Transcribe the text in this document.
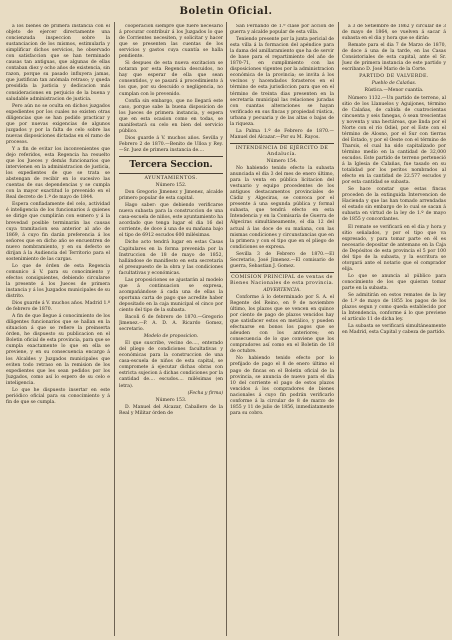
Boletin Oficial.

á los bienes de primera instancia con el objeto de ejercer directamente una concienzuda inspeccion sobre la sustanciacion de los mismos, estimularla y simplificar dichos servicios, he observado con satisfaccion que se han terminado causas tan antiguas, que algunas de ellas contaban diez y ocho años de existencia, sin razon, porque su pasado influyera jamas, que justifican tan anómala retraso; y queda presidida la justicia y dedicacion más consideraciones en perjuicio de la buena y saludable administracion de justicia.

Pero aún no se oculta en dichos juzgados expedientes por los cuales no existen otras diligencias que se han podido practicar y que por nuevas exigencias de algunos juzgados y por la falta de celo sobre las nuevas disposiciones dictadas en el ramo de procesos.

Y a fin de evitar los inconvenientes que dejo referidos, esta Regencia ha resuelto que los Jueces y demás funcionarios que intervienen en la administracion de justicia, los expedientes de que se trata se abstengan de recibir en lo sucesivo las cuentas de sus dependencias y se cumpla con la mayor exactitud lo prevenido en el Real decreto de 1.º de mayo de 1844.

Espera confiadamente del celo, actividad é inteligencia de los funcionarios á quienes se dirige que cumplirán con esmero y á la brevedad posible terminarán las causas cuya tramitacion sea anterior al año de 1869, á cuyo fin darán preferencia á los señores que en dicho año se encuentren de nuevo nombramiento, y en su defecto se dirijan á la Audiencia del Territorio para el sostenimiento de las cargas.

Lo que de órden de esta Regencia comunico á V. para su conocimiento y efectos consiguientes, debiendo circularse la presente á los Jueces de primera instancia y á los Juzgados municipales de su distrito.

Dios guarde á V. muchos años. Madrid 1.º de febrero de 1870.

A fin de que llegue á conocimiento de los diligentes funcionarios que se hallan en la situacion á que se refiere la preinserta órden, he dispuesto su publicacion en el Boletin oficial de esta provincia, para que se cumpla exactamente lo que en ella se previene, y en su consecuencia encargo á los Alcaldes y Juzgados municipales que eviten todo retraso en la remision de los expedientes que les sean pedidos por los Juzgados, como así lo espero de su celo e inteligencia.

Lo que he dispuesto insertar en este periódico oficial para su conocimiento y á fin de que se cumpla.

cooperacion siempre que fuere necesario á procurar contribuir á los Juzgados lo que de Corrientes necesiten, y solicitar y hacer que se presenten las cuentas de los servicios y gastos cuya cuantía se halla pendiente.

Si despues de esta nueva excitacion se notaran por esta Regencia descuidos, no hay que esperar de ella que sean consentidos, y se pasará á procedimiento á los que, por su descuido o negligencia, no cumplan con lo prevenido.

Confía sin embargo, que no llegará este caso, porque sabe la buena disposicion de los Jueces de primera instancia, y espera que en esta ocasion como en todas, se manifestará su celo en bien del servicio público.

Dios guarde á V. muchos años. Sevilla y Febrero 2 de 1870.—Benito de Ulloa y Rey.—Sr. Juez de primera instancia de....

Tercera Seccion.

AYUNTAMIENTOS.

Número 152.

Don Gregorio Jimenez y Jimenez, alcalde primero popular de esta capital.

Hago saber: que debiendo verificarse nueva subasta para la construccion de una casa-escuela de niños, este ayuntamiento ha acordado que tenga lugar el dia 16 del corriente, de doce á una de su mañana bajo el tipo de 6912 escudos 600 milésimas.

Dicho acto tendrá lugar en estas Casas Capitulares en la forma prevenida por la Instruccion de 18 de mayo de 1852, hallándose de manifiesto en esta secretaría el presupuesto de la obra y las condiciones facultativas y económicas.

Las proposiciones se ajustarán al modelo que á continuacion se expresa, acompañándose á cada una de ellas la oportuna carta de pago que acredite haber depositado en la caja municipal el cinco por ciento del tipo de la subasta.

Bacoli 6 de febrero de 1870.—Gregorio Jimenez.—P. A. D. A. Ricardo Gomez, secretario.

Modelo de proposicion.

El que suscribe, vecino de...., enterado del pliego de condiciones facultativas y económicas para la construccion de una casa-escuela de niños de esta capital, se compromete á ejecutar dichas obras con estricta sujecion á dichas condiciones por la cantidad de.... escudos.... milésimas (en letra).

(Fecha y firma)

Número 153.

D. Manuel del Alcazar, Caballero de la Real y Militar órden de

San Fernando de 1.ª clase por accion de guerra y alcalde popular de esta villa.

Teniendo presente por la junta pericial de esta villa á la formacion del apéndice para la dama del amillaramiento que ha de servir de base para el repartimiento del año de 1870-71, en cumplimiento con las disposiciones vigentes por la administracion económica de la provincia; se invita á los vecinos y hacendados forasteros en el término de esta jurisdiccion para que en el término de treinta dias presenten en la secretaría municipal las relaciones juradas con cuantas alteraciones se hayan verificado en sus fincas y propiedad rústica, urbana y pecuaria y de las altas o bajas de la riqueza.

La Palma 1.º de Febrero de 1870.—Manuel del Alcazar.—Por su M. Rayos.

INTENDENCIA DE EJÉRCITO DE Andalucía.

Número 154.

No habiendo tenido efecto la subasta anunciada el dia 3 del mes de enero último, para la venta en pública licitacion del vestuario y equipo procedentes de los antiguos destacamentos provinciales de Cádiz y Algeciras, se convoca por el presente á una segunda pública y formal subasta, que tendrá efecto en esta Intendencia y en la Comisaría de Guerra de Algeciras simultáneamente, el dia 12 del actual á las doce de su mañana, con las mismas condiciones y circunstancias que en la primera y con el tipo que en el pliego de condiciones se expresa.

Sevilla 3 de Febrero de 1870.—El Secretario, José Jimenez.—El comisario de guerra, Sebastian J. Gomez.

COMISION PRINCIPAL de ventas de Bienes Nacionales de esta provincia.

ADVERTENCIA.

Conforme á lo determinado por S. A. el Regente del Reino, en 9 de noviembre último, los plazos que se vencen en quince por ciento de pago de plazos vencidos hay que satisfacer estos en metálico, y pueden efectuarse en bonos los pagos que se adeuden con los anteriores; en consecuencia de lo que conviene que los compradores así como en el Boletin de 18 de octubre.

No habiendo tenido efecto por lo prefijado de pago el 8 de enero último el pago de fincas en el Boletin oficial de la provincia, se anuncia de nuevo para el día 10 del corriente el pago de estos plazos vencidos á los compradores de bienes nacionales á cuyo fin podrán verificarlo conforme á la circular de 8 de marzo de 1855 y 11 de julio de 1856, inmediatamente para su cobro.

á 3 de Setiembre de 1862 y circular de 3 de mayo de 1864, se vuelven á sacar á subasta en el dia y hora que se dirán:

Remate para el dia 7 de Marzo de 1870, de doce á una de la tarde, en las Casas Consistoriales de esta capital, ante el Sr. Juez de primera instancia de este partido y escribano D. José Mario de la Corte.

PARTIDO DE VALVERDE.

Pueblo de Calañas.

Rústica.—Menor cuantía.

Número 1132.—Un partido de terreno, al sitio de los Llanuelos y Aguijones, término de Calañas, de cabida de cuatrocientas cincuenta y seis fanegas, ó sean trescientas y noventa y una hectáreas, que linda por el Norte con el río Odiel, por el Este con el término de Alosno, por el Sur con tierras del Estado, y por el Oeste con el término de Tharsis, el cual ha sido capitalizado por término medio en la cantidad de 32,000 escudos. Este partido de terreno perteneció á la Iglesia de Calañas, fue tasado en su totalidad por los peritos nombrados al efecto en la cantidad de 22.577 escudos y por esta cantidad se subasta.

Se hace constar que estas fincas proceden de la extinguida Intervencion de Hacienda y que las han tomado arrendadas el estado sin embargo de lo cual se sacan á subasta en virtud de la ley de 1.º de mayo de 1855 y concordantes.

El remate se verificará en el dia y hora y sitio señalados, y por el tipo que va expresado, y para tomar parte en él es necesario depositar de antemano en la Caja de Depósitos de esta provincia el 5 por 100 del tipo de la subasta, y la escritura se otorgará ante el notario que el comprador elija.

Lo que se anuncia al público para conocimiento de los que quieran tomar parte en la subasta.

Se admitirán en estos remates de la ley de 1.º de mayo de 1855 los pagos de los plazos segun y como queda establecido por la Intendencia, conforme á lo que previene el artículo 11 de dicha ley.

La subasta se verificará simultáneamente en Madrid, esta Capital y cabeza de partido.
